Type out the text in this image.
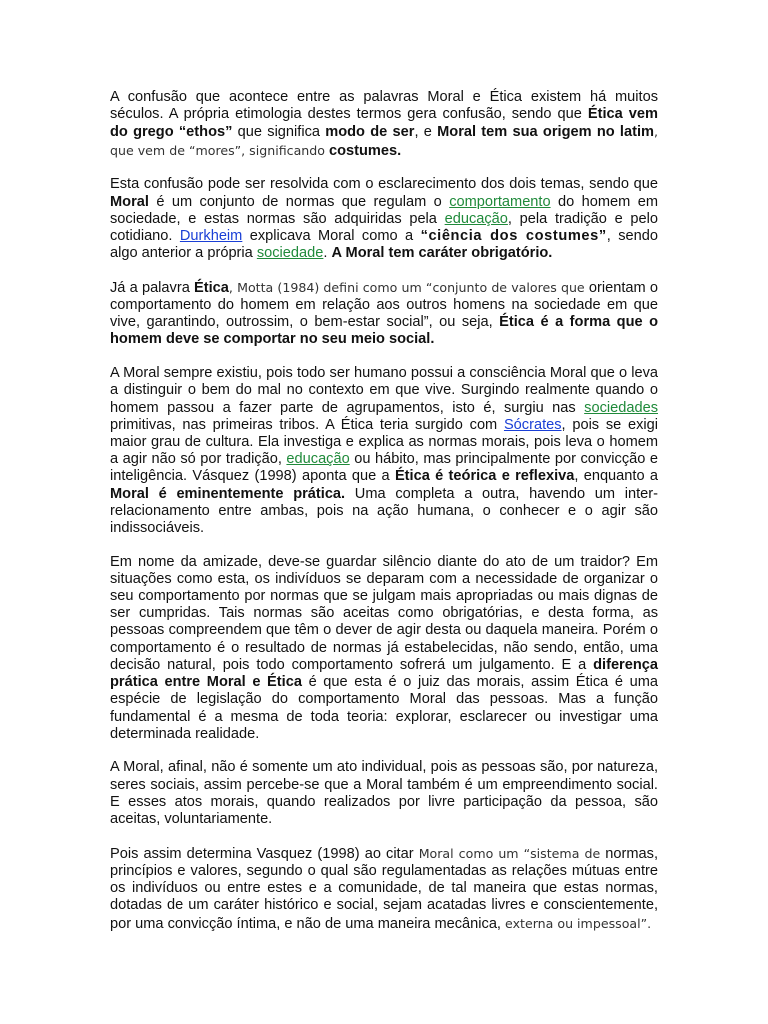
A confusão que acontece entre as palavras Moral e Ética existem há muitos séculos. A própria etimologia destes termos gera confusão, sendo que Ética vem do grego “ethos” que significa modo de ser, e Moral tem sua origem no latim, que vem de “mores”, significando costumes.

Esta confusão pode ser resolvida com o esclarecimento dos dois temas, sendo que Moral é um conjunto de normas que regulam o comportamento do homem em sociedade, e estas normas são adquiridas pela educação, pela tradição e pelo cotidiano. Durkheim explicava Moral como a “ciência dos costumes”, sendo algo anterior a própria sociedade. A Moral tem caráter obrigatório.

Já a palavra Ética, Motta (1984) defini como um “conjunto de valores que orientam o comportamento do homem em relação aos outros homens na sociedade em que vive, garantindo, outrossim, o bem-estar social”, ou seja, Ética é a forma que o homem deve se comportar no seu meio social.

A Moral sempre existiu, pois todo ser humano possui a consciência Moral que o leva a distinguir o bem do mal no contexto em que vive. Surgindo realmente quando o homem passou a fazer parte de agrupamentos, isto é, surgiu nas sociedades primitivas, nas primeiras tribos. A Ética teria surgido com Sócrates, pois se exigi maior grau de cultura. Ela investiga e explica as normas morais, pois leva o homem a agir não só por tradição, educação ou hábito, mas principalmente por convicção e inteligência. Vásquez (1998) aponta que a Ética é teórica e reflexiva, enquanto a Moral é eminentemente prática. Uma completa a outra, havendo um inter-relacionamento entre ambas, pois na ação humana, o conhecer e o agir são indissociáveis.

Em nome da amizade, deve-se guardar silêncio diante do ato de um traidor? Em situações como esta, os indivíduos se deparam com a necessidade de organizar o seu comportamento por normas que se julgam mais apropriadas ou mais dignas de ser cumpridas. Tais normas são aceitas como obrigatórias, e desta forma, as pessoas compreendem que têm o dever de agir desta ou daquela maneira. Porém o comportamento é o resultado de normas já estabelecidas, não sendo, então, uma decisão natural, pois todo comportamento sofrerá um julgamento. E a diferença prática entre Moral e Ética é que esta é o juiz das morais, assim Ética é uma espécie de legislação do comportamento Moral das pessoas. Mas a função fundamental é a mesma de toda teoria: explorar, esclarecer ou investigar uma determinada realidade.

A Moral, afinal, não é somente um ato individual, pois as pessoas são, por natureza, seres sociais, assim percebe-se que a Moral também é um empreendimento social. E esses atos morais, quando realizados por livre participação da pessoa, são aceitas, voluntariamente.

Pois assim determina Vasquez (1998) ao citar Moral como um “sistema de normas, princípios e valores, segundo o qual são regulamentadas as relações mútuas entre os indivíduos ou entre estes e a comunidade, de tal maneira que estas normas, dotadas de um caráter histórico e social, sejam acatadas livres e conscientemente, por uma convicção íntima, e não de uma maneira mecânica, externa ou impessoal”.
